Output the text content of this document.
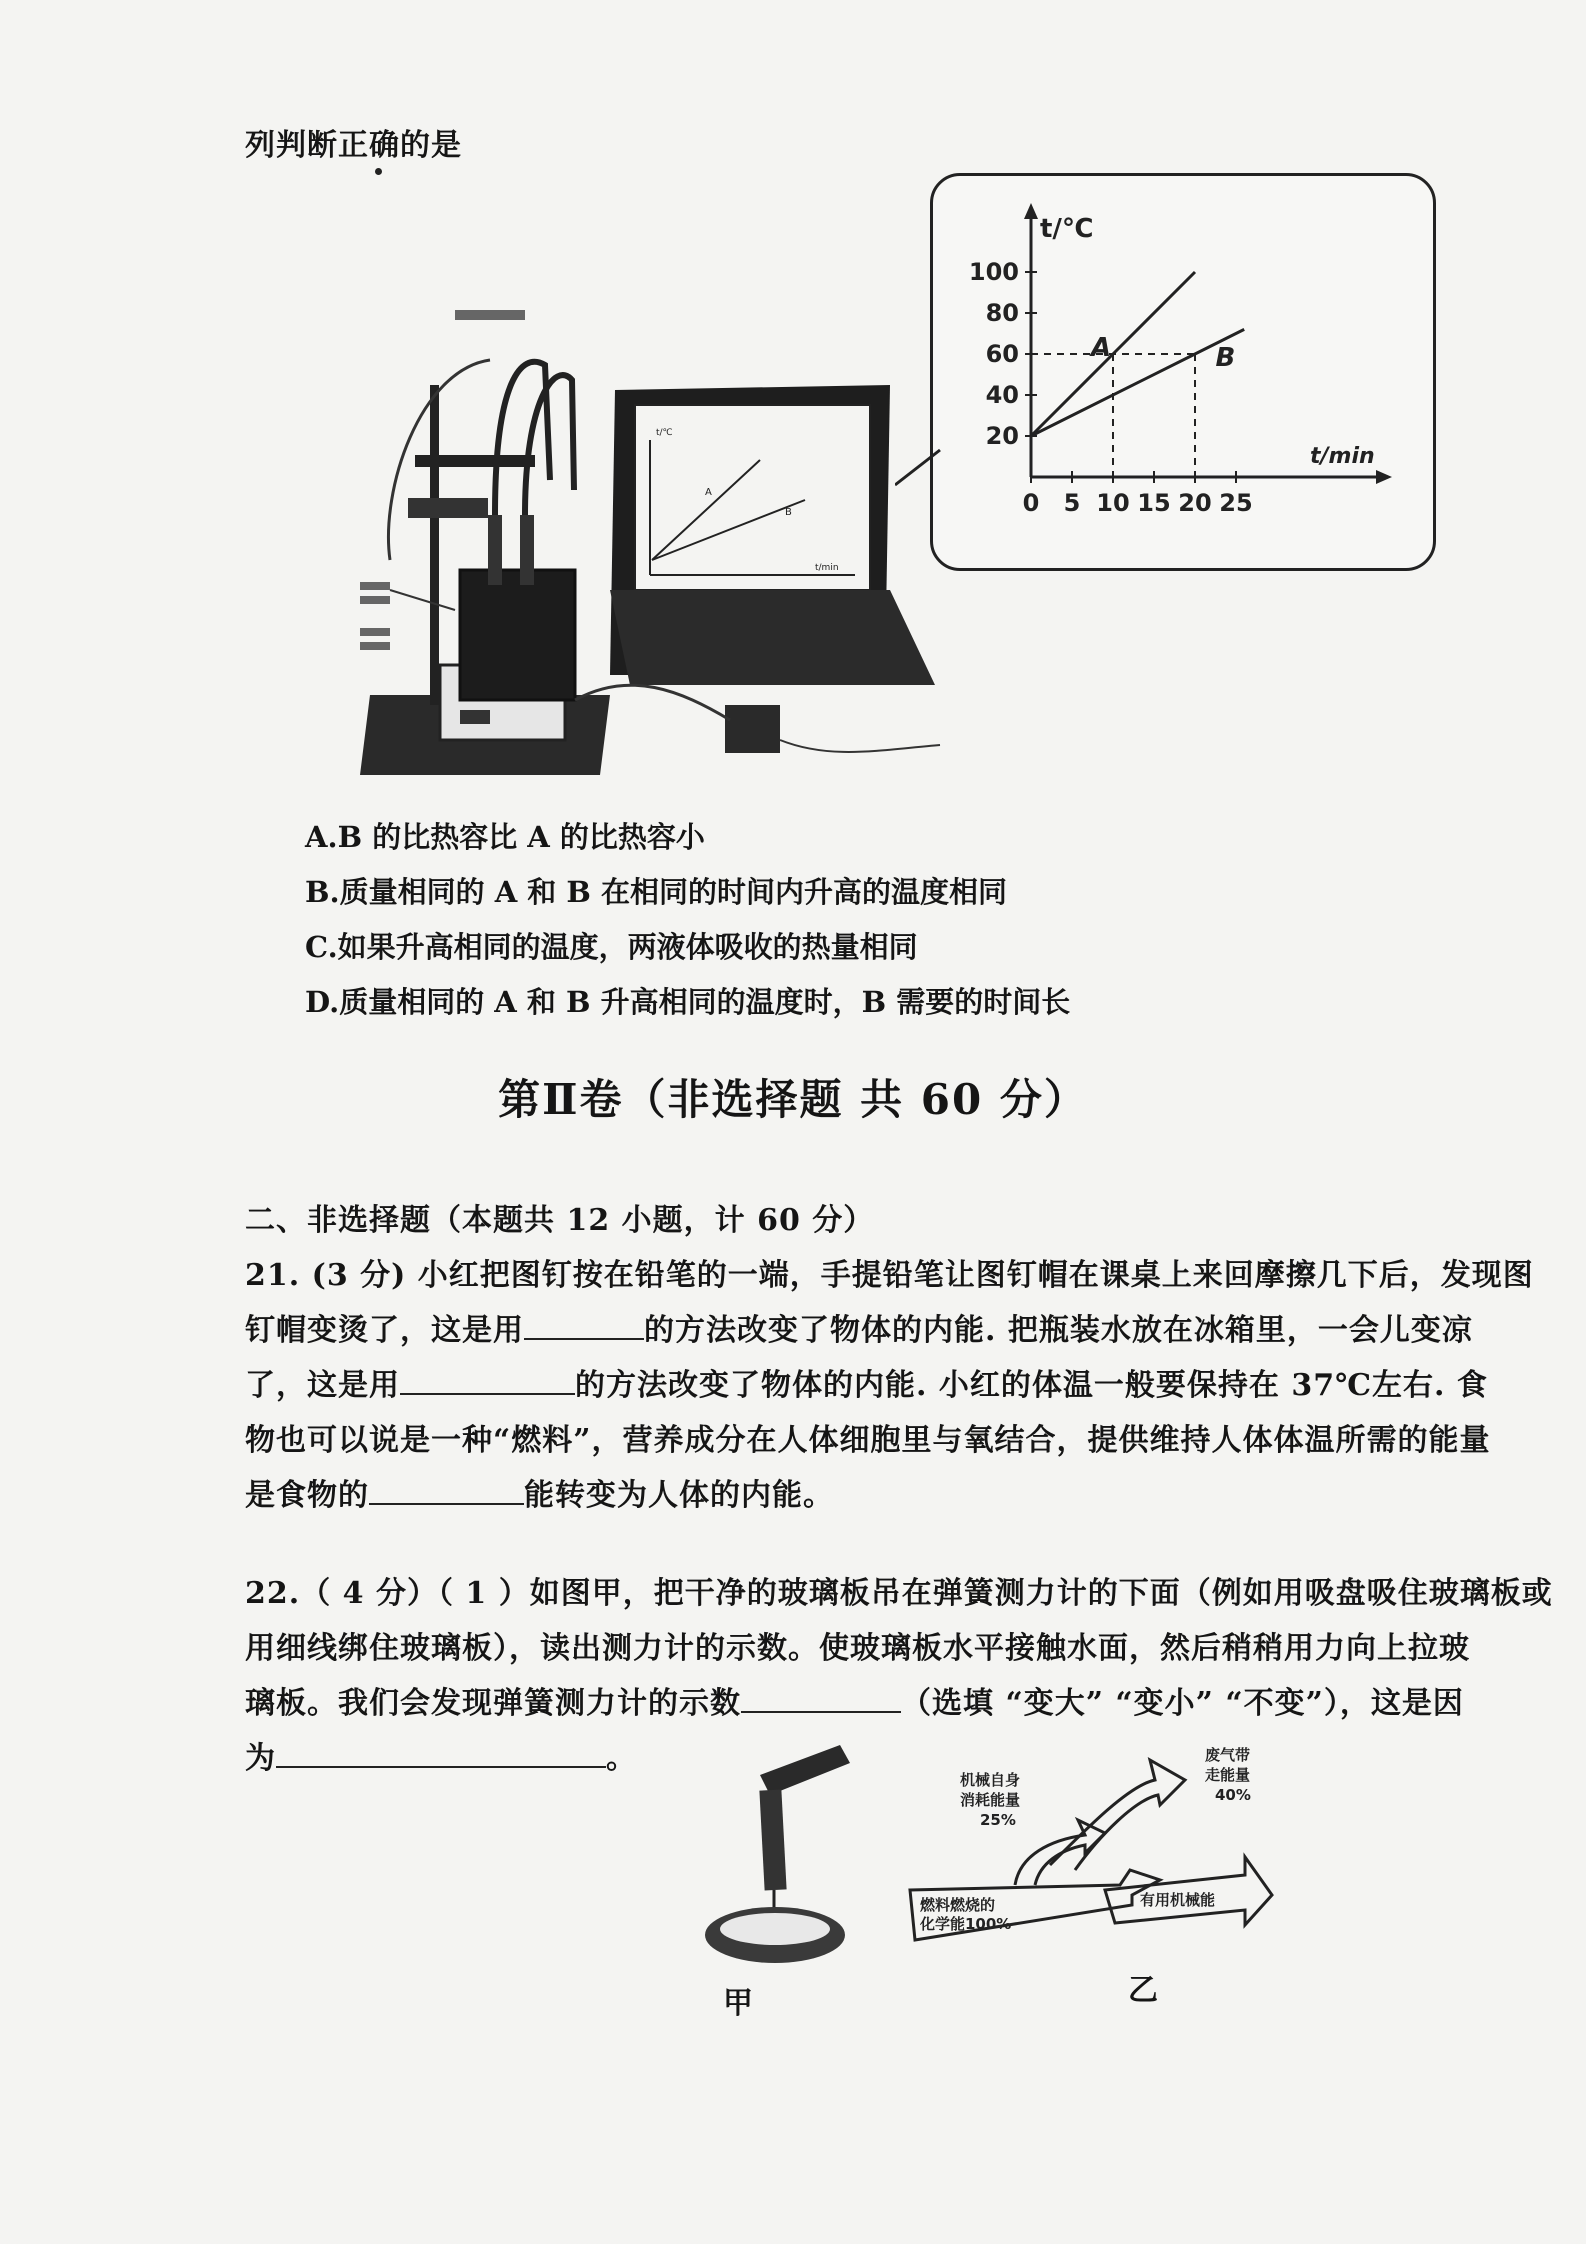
列判断正确的是
t/℃
t/min
A
B
20
40
60
80
100
0 5 10 15 20 25
A	B
t/℃
t/min
A.B 的比热容比 A 的比热容小
B.质量相同的 A 和 B 在相同的时间内升高的温度相同
C.如果升高相同的温度，两液体吸收的热量相同
D.质量相同的 A 和 B 升高相同的温度时，B 需要的时间长
第Ⅱ卷（非选择题 共 60 分）
二、非选择题（本题共 12 小题，计 60 分）
21. (3 分) 小红把图钉按在铅笔的一端，手提铅笔让图钉帽在课桌上来回摩擦几下后，发现图
钉帽变烫了，这是用	的方法改变了物体的内能. 把瓶装水放在冰箱里，一会儿变凉
了，这是用	的方法改变了物体的内能. 小红的体温一般要保持在 37℃左右. 食
物也可以说是一种“燃料”，营养成分在人体细胞里与氧结合，提供维持人体体温所需的能量
是食物的	能转变为人体的内能。
22.（ 4 分）（ 1 ）如图甲，把干净的玻璃板吊在弹簧测力计的下面（例如用吸盘吸住玻璃板或
用细线绑住玻璃板），读出测力计的示数。使玻璃板水平接触水面，然后稍稍用力向上拉玻
璃板。我们会发现弹簧测力计的示数	（选填 “变大” “变小” “不变”），这是因
为	。
甲
燃料燃烧的
化学能100%
机械自身
消耗能量
25%
废气带
走能量
40%
有用机械能
乙
